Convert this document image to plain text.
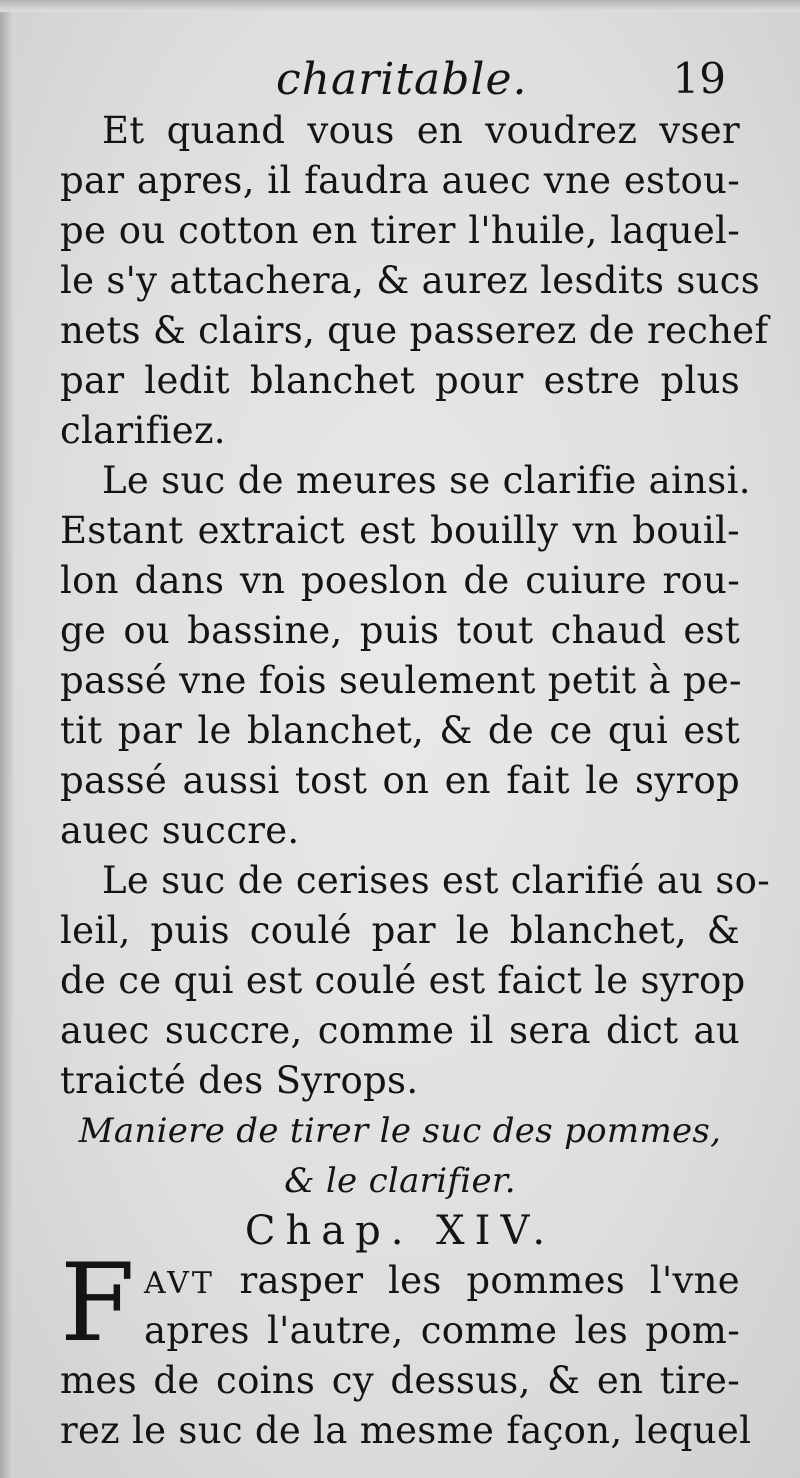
charitable.	19
Et quand vous en voudrez vser
par apres, il faudra auec vne estou-
pe ou cotton en tirer l'huile, laquel-
le s'y attachera, & aurez lesdits sucs
nets & clairs, que passerez de rechef
par ledit blanchet pour estre plus
clarifiez.
Le suc de meures se clarifie ainsi.
Estant extraict est bouilly vn bouil-
lon dans vn poeslon de cuiure rou-
ge ou bassine, puis tout chaud est
passé vne fois seulement petit à pe-
tit par le blanchet, & de ce qui est
passé aussi tost on en fait le syrop
auec succre.
Le suc de cerises est clarifié au so-
leil, puis coulé par le blanchet, &
de ce qui est coulé est faict le syrop
auec succre, comme il sera dict au
traicté des Syrops.
Maniere de tirer le suc des pommes,
& le clarifier.
Chap. XIV.
F AVT rasper les pommes l'vne
apres l'autre, comme les pom-
mes de coins cy dessus, & en tire-
rez le suc de la mesme façon, lequel
